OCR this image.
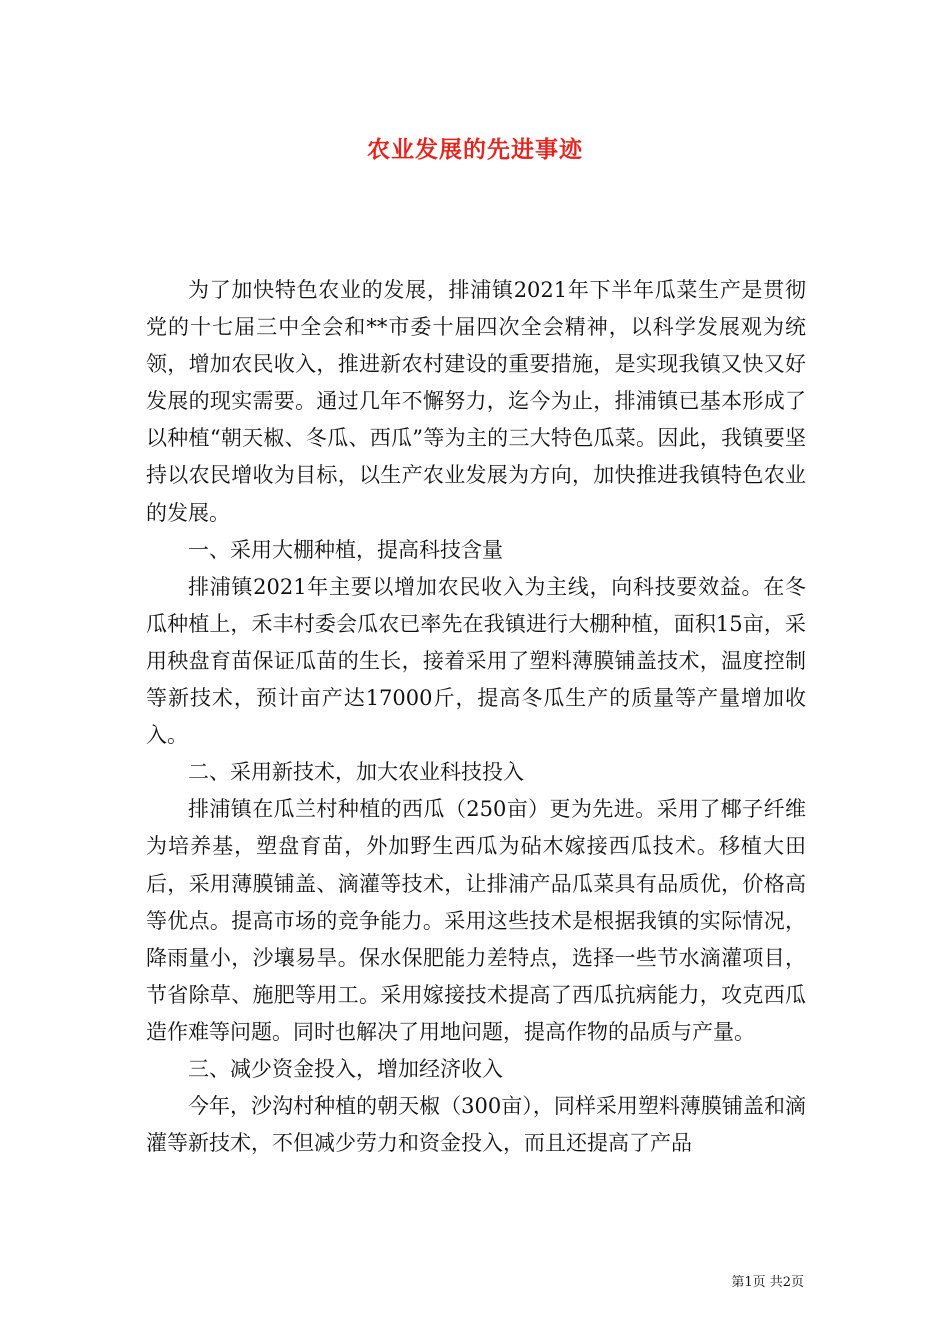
农业发展的先进事迹

为了加快特色农业的发展，排浦镇2021年下半年瓜菜生产是贯彻党的十七届三中全会和**市委十届四次全会精神，以科学发展观为统领，增加农民收入，推进新农村建设的重要措施，是实现我镇又快又好发展的现实需要。通过几年不懈努力，迄今为止，排浦镇已基本形成了以种植“朝天椒、冬瓜、西瓜”等为主的三大特色瓜菜。因此，我镇要坚持以农民增收为目标，以生产农业发展为方向，加快推进我镇特色农业的发展。

一、采用大棚种植，提高科技含量

排浦镇2021年主要以增加农民收入为主线，向科技要效益。在冬瓜种植上，禾丰村委会瓜农已率先在我镇进行大棚种植，面积15亩，采用秧盘育苗保证瓜苗的生长，接着采用了塑料薄膜铺盖技术，温度控制等新技术，预计亩产达17000斤，提高冬瓜生产的质量等产量增加收入。

二、采用新技术，加大农业科技投入

排浦镇在瓜兰村种植的西瓜（250亩）更为先进。采用了椰子纤维为培养基，塑盘育苗，外加野生西瓜为砧木嫁接西瓜技术。移植大田后，采用薄膜铺盖、滴灌等技术，让排浦产品瓜菜具有品质优，价格高等优点。提高市场的竞争能力。采用这些技术是根据我镇的实际情况，降雨量小，沙壤易旱。保水保肥能力差特点，选择一些节水滴灌项目，节省除草、施肥等用工。采用嫁接技术提高了西瓜抗病能力，攻克西瓜造作难等问题。同时也解决了用地问题，提高作物的品质与产量。

三、减少资金投入，增加经济收入

今年，沙沟村种植的朝天椒（300亩），同样采用塑料薄膜铺盖和滴灌等新技术，不但减少劳力和资金投入，而且还提高了产品

第1页 共2页
